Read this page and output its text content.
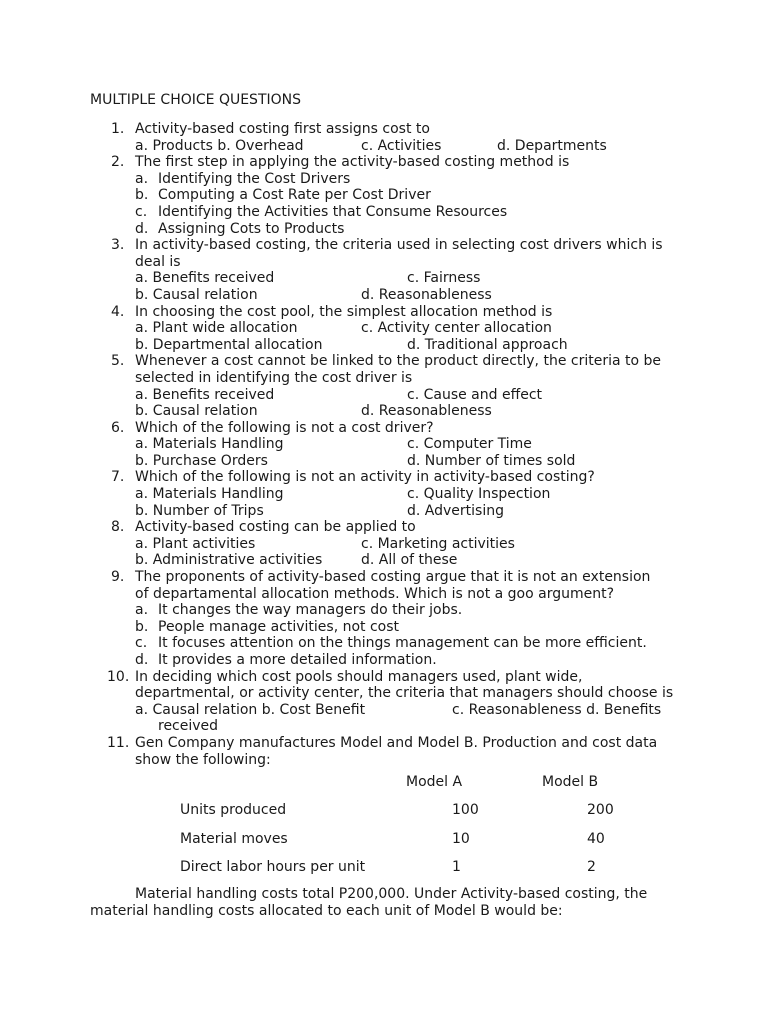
MULTIPLE CHOICE QUESTIONS
1. Activity-based costing first assigns cost to
a. Products b. Overhead	c. Activities	d. Departments
2. The first step in applying the activity-based costing method is
a. Identifying the Cost Drivers
b. Computing a Cost Rate per Cost Driver
c. Identifying the Activities that Consume Resources
d. Assigning Cots to Products
3. In activity-based costing, the criteria used in selecting cost drivers which is deal is
a. Benefits received	c. Fairness
b. Causal relation	d. Reasonableness
4. In choosing the cost pool, the simplest allocation method is
a. Plant wide allocation	c. Activity center allocation
b. Departmental allocation	d. Traditional approach
5. Whenever a cost cannot be linked to the product directly, the criteria to be selected in identifying the cost driver is
a. Benefits received	c. Cause and effect
b. Causal relation	d. Reasonableness
6. Which of the following is not a cost driver?
a. Materials Handling	c. Computer Time
b. Purchase Orders	d. Number of times sold
7. Which of the following is not an activity in activity-based costing?
a. Materials Handling	c. Quality Inspection
b. Number of Trips	d. Advertising
8. Activity-based costing can be applied to
a. Plant activities	c. Marketing activities
b. Administrative activities	d. All of these
9. The proponents of activity-based costing argue that it is not an extension of departamental allocation methods. Which is not a goo argument?
a. It changes the way managers do their jobs.
b. People manage activities, not cost
c. It focuses attention on the things management can be more efficient.
d. It provides a more detailed information.
10. In deciding which cost pools should managers used, plant wide, departmental, or activity center, the criteria that managers should choose is
a. Causal relation b. Cost Benefit	c. Reasonableness d. Benefits
received
11. Gen Company manufactures Model and Model B. Production and cost data show the following:
Model A	Model B
Units produced	100	200
Material moves	10	40
Direct labor hours per unit	1	2
Material handling costs total P200,000. Under Activity-based costing, the
material handling costs allocated to each unit of Model B would be:
